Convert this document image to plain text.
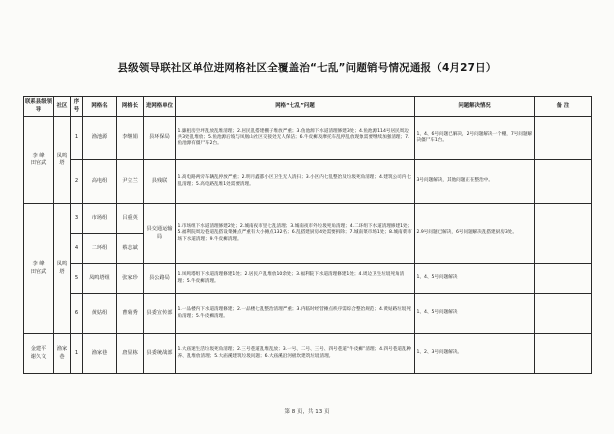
县级领导联社区单位进网格社区全覆盖治“七乱”问题销号情况通报（4月27日）
联系县级领导	社区	序号	网格名	网格长	进网格单位	网格“七乱”问题	问题解决情况	备 注
李 峰
田官武	凤鸣塔	1	渔池源	李继娟	县环保局	1.廉租房空坪乱放乱堆清理；2.居民乱搭建棚子堆放严重；3.鱼池源下水道清理修建3处；4.鱼池源114号居民周边共3处乱堆放；5.鱼池源后坡与凤凰山社区交接处无人保洁；6.牛皮癣及摩托车乱停乱放现象需要继续加强清理；7.鱼池源有僵尸车2台。	1、4、6号问题已解决，2号问题解决一个棚，7号问题解决僵尸车1台。	
		2	高电组	尹立兰	县残联	1.高电路两旁车辆乱停放严重；2.明月鑫都小区卫生无人清扫；3.小区内七乱整治及垃圾死角清理；4.建筑公司内七乱清理；5.高电路乱堆1处需要清理。	3号问题解决，其他问题正在整治中。	
李 峰
田官武	凤鸣塔	3	市场组	吕重英	县交通运输局	1.市场组下水道清理修建2处；2.城南夜市里七乱清理；3.城南夜市外垃圾死角清理；4.二环组下水道清理修建1处；5.福利院周边巷道乱搭设菜摊点严重有大小摊点132名；6.乱搭建厨房4处需要拆除；7.城南菜市场1处；8.城南菜市场下水道清理；9.牛皮癣清理。	2.9号问题已解决，6号问题解决乱搭建厨房3处。	
		4	二环组	蔡志斌				
		5	凤鸣塔组	张家珍	县公路局	1.凤鸣塔组下水道清理修建1处；2.居民户乱堆放10余处；3.福利院下水道清理修建1处；4.周边卫生垃圾死角清理；5.牛皮癣清理。	1、4、5号问题解决	
		6	黄姑组	曹菊秀	县委宣传部	1.一品楼内下水道清理修建；2.一品楼七乱整治清理严重；3.内临时经营摊点秩序需综合整治规范；4.黄姑路垃圾死角清理；5.牛皮癣清理。	1、4、5号问题解决	
金建平
谢久文	渔家巷	1	渔家巷	唐显栋	县委统战部	1.大庙迷生活垃圾死角清理；2.三号巷道乱堆乱放；3.一号、二号、三号、四号巷道“牛皮癣”清理；4.四号巷道乱种养、乱堆放清理；5.大庙溪建筑垃圾问题；6.大庙溪沿河板坎建筑垃圾清理。	1、2、3号问题解决。	
第 8 页，共 13 页
